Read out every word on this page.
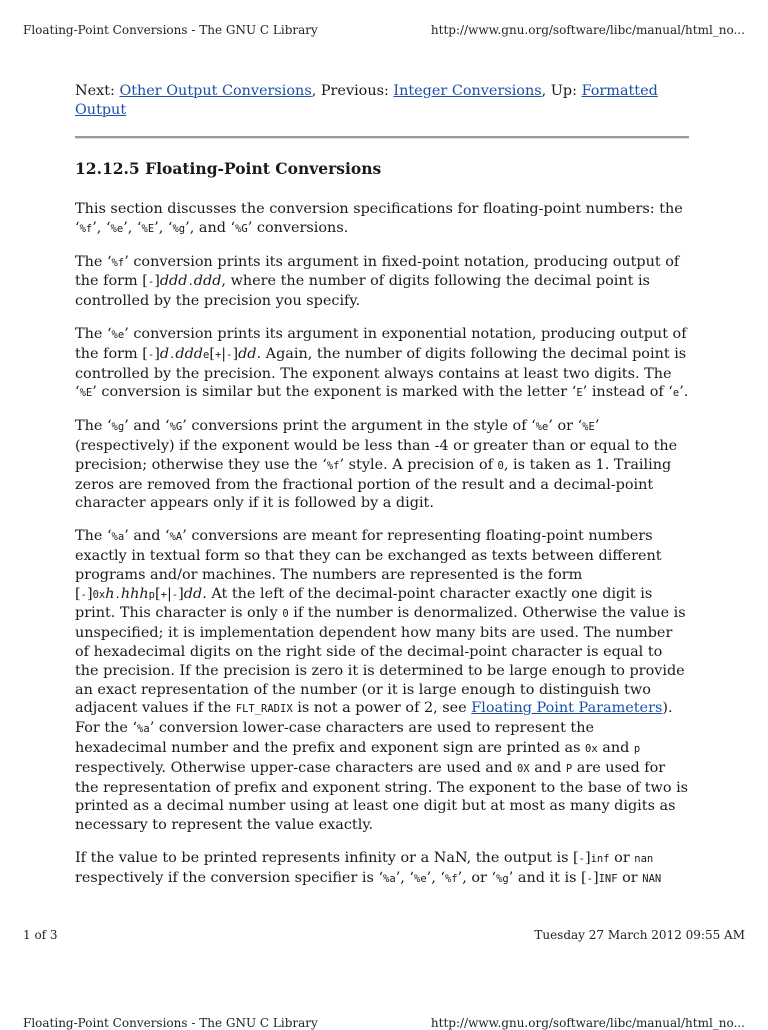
Floating-Point Conversions - The GNU C Library	http://www.gnu.org/software/libc/manual/html_no...

Next: Other Output Conversions, Previous: Integer Conversions, Up: Formatted Output

12.12.5 Floating-Point Conversions

This section discusses the conversion specifications for floating-point numbers: the ‘%f’, ‘%e’, ‘%E’, ‘%g’, and ‘%G’ conversions.

The ‘%f’ conversion prints its argument in fixed-point notation, producing output of the form [-]ddd.ddd, where the number of digits following the decimal point is controlled by the precision you specify.

The ‘%e’ conversion prints its argument in exponential notation, producing output of the form [-]d.ddde[+|-]dd. Again, the number of digits following the decimal point is controlled by the precision. The exponent always contains at least two digits. The ‘%E’ conversion is similar but the exponent is marked with the letter ‘E’ instead of ‘e’.

The ‘%g’ and ‘%G’ conversions print the argument in the style of ‘%e’ or ‘%E’ (respectively) if the exponent would be less than -4 or greater than or equal to the precision; otherwise they use the ‘%f’ style. A precision of 0, is taken as 1. Trailing zeros are removed from the fractional portion of the result and a decimal-point character appears only if it is followed by a digit.

The ‘%a’ and ‘%A’ conversions are meant for representing floating-point numbers exactly in textual form so that they can be exchanged as texts between different programs and/or machines. The numbers are represented is the form [-]0xh.hhhp[+|-]dd. At the left of the decimal-point character exactly one digit is print. This character is only 0 if the number is denormalized. Otherwise the value is unspecified; it is implementation dependent how many bits are used. The number of hexadecimal digits on the right side of the decimal-point character is equal to the precision. If the precision is zero it is determined to be large enough to provide an exact representation of the number (or it is large enough to distinguish two adjacent values if the FLT_RADIX is not a power of 2, see Floating Point Parameters). For the ‘%a’ conversion lower-case characters are used to represent the hexadecimal number and the prefix and exponent sign are printed as 0x and p respectively. Otherwise upper-case characters are used and 0X and P are used for the representation of prefix and exponent string. The exponent to the base of two is printed as a decimal number using at least one digit but at most as many digits as necessary to represent the value exactly.

If the value to be printed represents infinity or a NaN, the output is [-]inf or nan respectively if the conversion specifier is ‘%a’, ‘%e’, ‘%f’, or ‘%g’ and it is [-]INF or NAN

1 of 3	Tuesday 27 March 2012 09:55 AM
Floating-Point Conversions - The GNU C Library	http://www.gnu.org/software/libc/manual/html_no...
